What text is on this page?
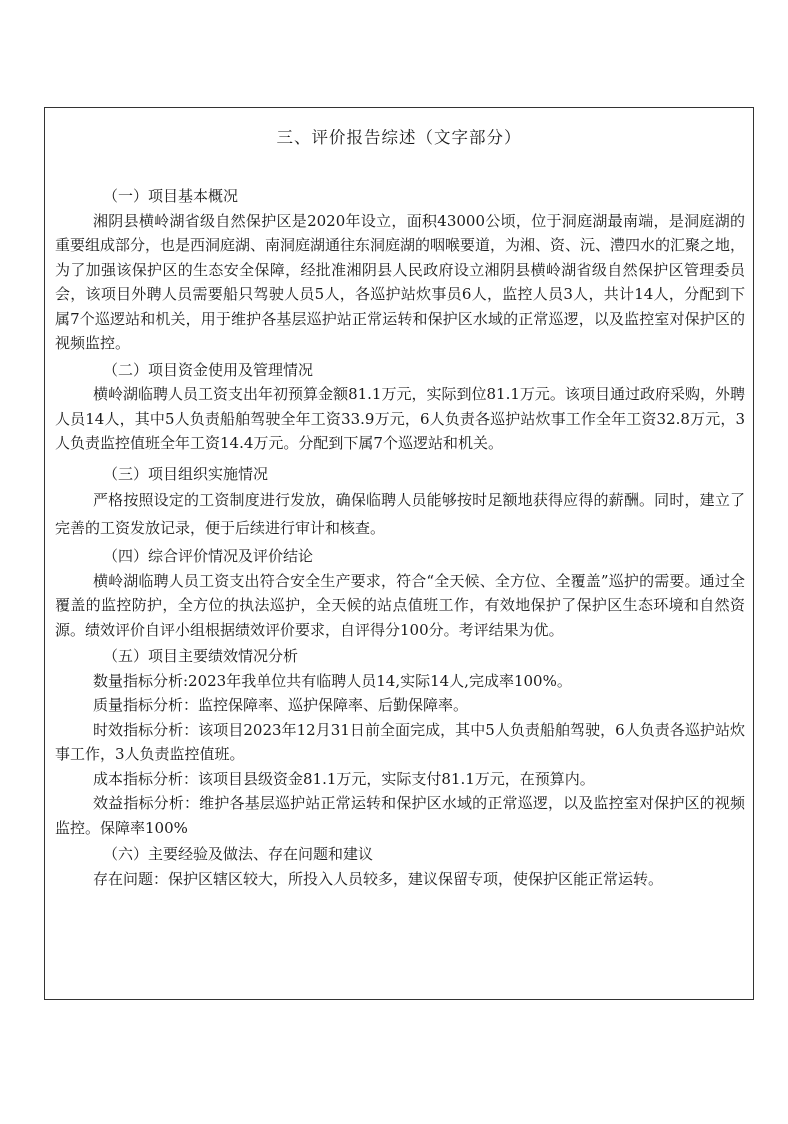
三、评价报告综述（文字部分）

（一）项目基本概况

湘阴县横岭湖省级自然保护区是2020年设立，面积43000公顷，位于洞庭湖最南端，是洞庭湖的重要组成部分，也是西洞庭湖、南洞庭湖通往东洞庭湖的咽喉要道，为湘、资、沅、澧四水的汇聚之地，为了加强该保护区的生态安全保障，经批准湘阴县人民政府设立湘阴县横岭湖省级自然保护区管理委员会，该项目外聘人员需要船只驾驶人员5人，各巡护站炊事员6人，监控人员3人，共计14人，分配到下属7个巡逻站和机关，用于维护各基层巡护站正常运转和保护区水域的正常巡逻，以及监控室对保护区的视频监控。

（二）项目资金使用及管理情况

横岭湖临聘人员工资支出年初预算金额81.1万元，实际到位81.1万元。该项目通过政府采购，外聘人员14人，其中5人负责船舶驾驶全年工资33.9万元，6人负责各巡护站炊事工作全年工资32.8万元，3人负责监控值班全年工资14.4万元。分配到下属7个巡逻站和机关。

（三）项目组织实施情况

严格按照设定的工资制度进行发放，确保临聘人员能够按时足额地获得应得的薪酬。同时，建立了完善的工资发放记录，便于后续进行审计和核查。

（四）综合评价情况及评价结论

横岭湖临聘人员工资支出符合安全生产要求，符合“全天候、全方位、全覆盖”巡护的需要。通过全覆盖的监控防护，全方位的执法巡护，全天候的站点值班工作，有效地保护了保护区生态环境和自然资源。绩效评价自评小组根据绩效评价要求，自评得分100分。考评结果为优。

（五）项目主要绩效情况分析

数量指标分析:2023年我单位共有临聘人员14,实际14人,完成率100%。

质量指标分析：监控保障率、巡护保障率、后勤保障率。

时效指标分析：该项目2023年12月31日前全面完成，其中5人负责船舶驾驶，6人负责各巡护站炊事工作，3人负责监控值班。

成本指标分析：该项目县级资金81.1万元，实际支付81.1万元，在预算内。

效益指标分析：维护各基层巡护站正常运转和保护区水域的正常巡逻，以及监控室对保护区的视频监控。保障率100%

（六）主要经验及做法、存在问题和建议

存在问题：保护区辖区较大，所投入人员较多，建议保留专项，使保护区能正常运转。
